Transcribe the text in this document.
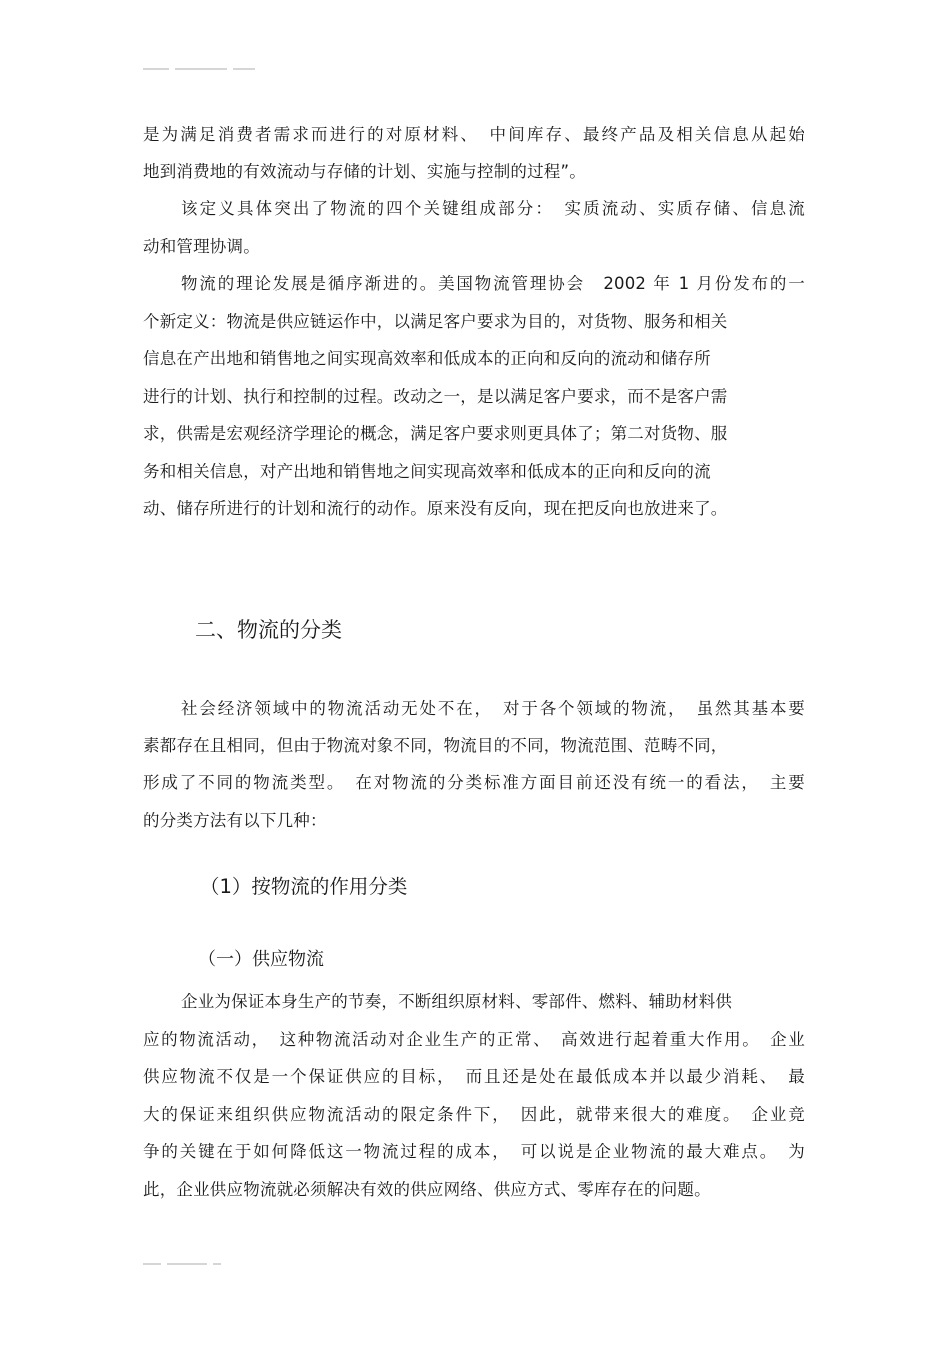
是为满足消费者需求而进行的对原材料、　中间库存、最终产品及相关信息从起始
地到消费地的有效流动与存储的计划、实施与控制的过程”。
该定义具体突出了物流的四个关键组成部分：　实质流动、实质存储、信息流
动和管理协调。
物流的理论发展是循序渐进的。美国物流管理协会　2002 年 1 月份发布的一
个新定义：物流是供应链运作中，以满足客户要求为目的，对货物、服务和相关
信息在产出地和销售地之间实现高效率和低成本的正向和反向的流动和储存所
进行的计划、执行和控制的过程。改动之一，是以满足客户要求，而不是客户需
求，供需是宏观经济学理论的概念，满足客户要求则更具体了；第二对货物、服
务和相关信息，对产出地和销售地之间实现高效率和低成本的正向和反向的流
动、储存所进行的计划和流行的动作。原来没有反向，现在把反向也放进来了。
二、物流的分类
社会经济领域中的物流活动无处不在，　对于各个领域的物流，　虽然其基本要
素都存在且相同，但由于物流对象不同，物流目的不同，物流范围、范畴不同，
形成了不同的物流类型。　在对物流的分类标准方面目前还没有统一的看法，　主要
的分类方法有以下几种：
（1）按物流的作用分类
（一）供应物流
企业为保证本身生产的节奏，不断组织原材料、零部件、燃料、辅助材料供
应的物流活动，　这种物流活动对企业生产的正常、　高效进行起着重大作用。　企业
供应物流不仅是一个保证供应的目标，　而且还是处在最低成本并以最少消耗、　最
大的保证来组织供应物流活动的限定条件下，　因此，就带来很大的难度。　企业竞
争的关键在于如何降低这一物流过程的成本，　可以说是企业物流的最大难点。　为
此，企业供应物流就必须解决有效的供应网络、供应方式、零库存在的问题。
